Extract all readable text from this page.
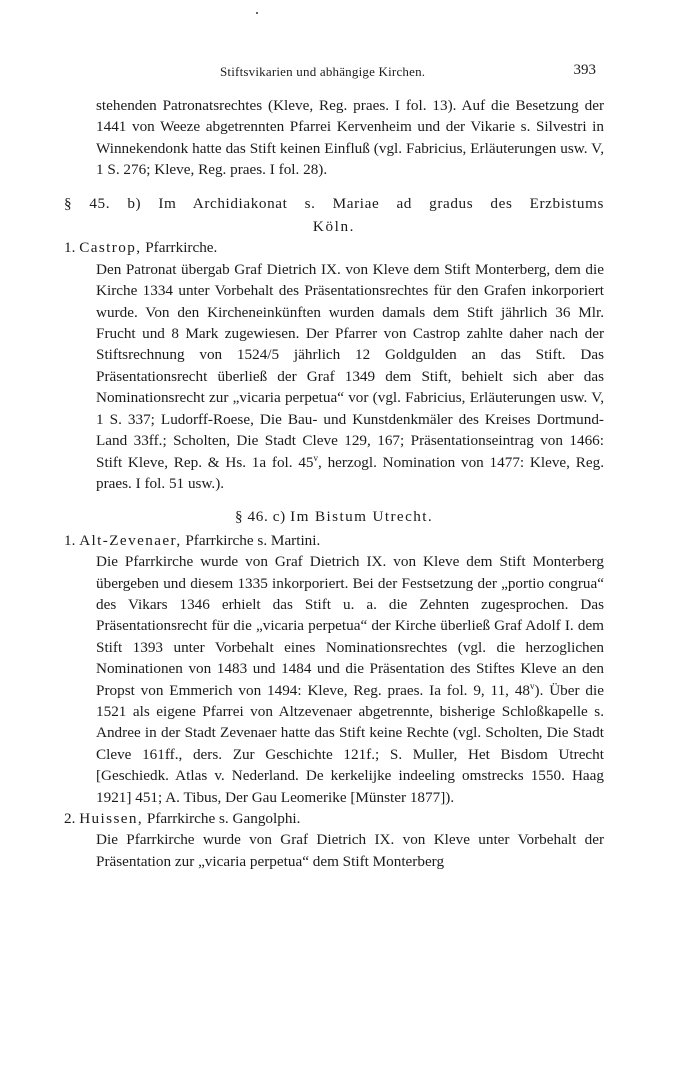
Stiftsvikarien und abhängige Kirchen.	393

stehenden Patronatsrechtes (Kleve, Reg. praes. I fol. 13). Auf die Besetzung der 1441 von Weeze abgetrennten Pfarrei Kervenheim und der Vikarie s. Silvestri in Winnekendonk hatte das Stift keinen Einfluß (vgl. Fabricius, Erläuterungen usw. V, 1 S. 276; Kleve, Reg. praes. I fol. 28).

§ 45. b) Im Archidiakonat s. Mariae ad gradus des Erzbistums

Köln.

1. Castrop, Pfarrkirche.

Den Patronat übergab Graf Dietrich IX. von Kleve dem Stift Monterberg, dem die Kirche 1334 unter Vorbehalt des Präsentationsrechtes für den Grafen inkorporiert wurde. Von den Kircheneinkünften wurden damals dem Stift jährlich 36 Mlr. Frucht und 8 Mark zugewiesen. Der Pfarrer von Castrop zahlte daher nach der Stiftsrechnung von 1524/5 jährlich 12 Goldgulden an das Stift. Das Präsentationsrecht überließ der Graf 1349 dem Stift, behielt sich aber das Nominationsrecht zur „vicaria perpetua“ vor (vgl. Fabricius, Erläuterungen usw. V, 1 S. 337; Ludorff-Roese, Die Bau- und Kunstdenkmäler des Kreises Dortmund-Land 33ff.; Scholten, Die Stadt Cleve 129, 167; Präsentationseintrag von 1466: Stift Kleve, Rep. & Hs. 1a fol. 45$^v$, herzogl. Nomination von 1477: Kleve, Reg. praes. I fol. 51 usw.).

§ 46. c) Im Bistum Utrecht.

1. Alt-Zevenaer, Pfarrkirche s. Martini.

Die Pfarrkirche wurde von Graf Dietrich IX. von Kleve dem Stift Monterberg übergeben und diesem 1335 inkorporiert. Bei der Festsetzung der „portio congrua“ des Vikars 1346 erhielt das Stift u. a. die Zehnten zugesprochen. Das Präsentationsrecht für die „vicaria perpetua“ der Kirche überließ Graf Adolf I. dem Stift 1393 unter Vorbehalt eines Nominationsrechtes (vgl. die herzoglichen Nominationen von 1483 und 1484 und die Präsentation des Stiftes Kleve an den Propst von Emmerich von 1494: Kleve, Reg. praes. Ia fol. 9, 11, 48$^v$). Über die 1521 als eigene Pfarrei von Altzevenaer abgetrennte, bisherige Schloßkapelle s. Andree in der Stadt Zevenaer hatte das Stift keine Rechte (vgl. Scholten, Die Stadt Cleve 161ff., ders. Zur Geschichte 121f.; S. Muller, Het Bisdom Utrecht [Geschiedk. Atlas v. Nederland. De kerkelijke indeeling omstrecks 1550. Haag 1921] 451; A. Tibus, Der Gau Leomerike [Münster 1877]).

2. Huissen, Pfarrkirche s. Gangolphi.

Die Pfarrkirche wurde von Graf Dietrich IX. von Kleve unter Vorbehalt der Präsentation zur „vicaria perpetua“ dem Stift Monterberg
